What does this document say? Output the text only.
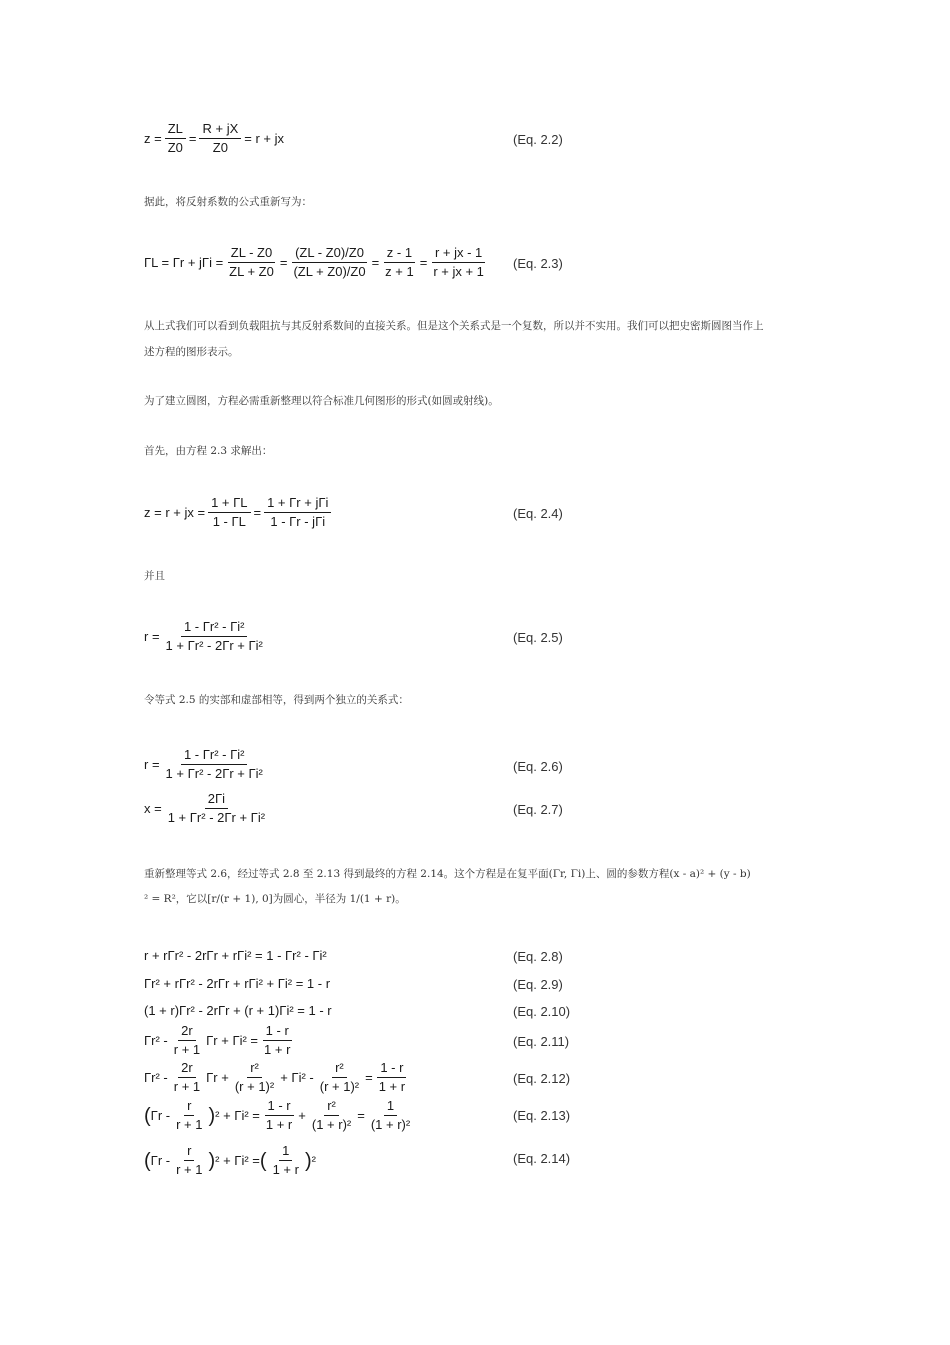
$z = \frac{ZL}{Z0} = \frac{R + jX}{Z0} = r$ + jx	(Eq. 2.2)
据此，将反射系数的公式重新写为：
$\Gamma L = \Gamma r + j\Gamma i = \frac{ZL - Z0}{ZL + Z0} = \frac{(ZL - Z0)/Z0}{(ZL + Z0)/Z0} = \frac{z - 1}{z + 1} = \frac{r + jx - 1}{r + jx + 1} (Eq$. 2.3)
从上式我们可以看到负载阻抗与其反射系数间的直接关系。但是这个关系式是一个复数，所以并不实用。我们可以把史密斯圆图当作上
述方程的图形表示。
为了建立圆图，方程必需重新整理以符合标准几何图形的形式(如圆或射线)。
首先，由方程 2.3 求解出：
z = r + jx = $\frac{1 + \Gamma L}{1 - \Gamma L} = \frac{\text{1 + Γr + jΓi}}{\text{1 - Γr - jΓi}}$	(Eq. 2.4)
并且
$r = \frac{\text{1 - Γr² - Γi²}}{\text{1 + Γr² - 2Γr + Γi²}}$	(Eq. 2.5)
令等式 2.5 的实部和虚部相等，得到两个独立的关系式：
$r = \frac{\text{1 - Γr² - Γi²}}{\text{1 + Γr² - 2Γr + Γi²}}$	(Eq. 2.6)
$x = \frac{2\Gamma i}{\text{1 + Γr² - 2Γr + Γi²}}$	(Eq. 2.7)
重新整理等式 2.6，经过等式 2.8 至 2.13 得到最终的方程 2.14。这个方程是在复平面(Γr, Γi)上、圆的参数方程(x - a)² + (y - b)
² = R²，它以[r/(r + 1), 0]为圆心，半径为 1/(1 + r)。
r + rΓr² - 2rΓr + rΓi² = 1 - Γr² - Γi²	(Eq. 2.8)
Γr² + rΓr² - 2rΓr + rΓi² + Γi² = 1 - r	(Eq. 2.9)
(1 + r)Γr² - 2rΓr + (r + 1)Γi² = 1 - r	(Eq. 2.10)
$\Gamma r^2 - \frac{2r}{r + 1}$ $\Gamma r + \Gamma i^2 = \frac{1 - r}{1 + r}$	(Eq. 2.11)
$\Gamma r^2 - \frac{2r}{r + 1}$ $\Gamma r + \frac{\text{r²}}{\text{(r + 1)²}} + \Gamma i^2 - \frac{\text{r²}}{\text{(r + 1)²}} = \frac{1 - r}{1 + r}$	(Eq. 2.12)
( Γr - $\frac{r}{r + 1}$ ) $^2 + \Gamma i^2 = \frac{1 - r}{1 + r} + \frac{\text{r²}}{\text{(1 + r)²}} = \frac{1}{\text{(1 + r)²}}$	(Eq. 2.13)
( Γr - $\frac{r}{r + 1}$ ) ² + Γi² = ( $\frac{1}{1 + r}$ ) ²	(Eq. 2.14)
